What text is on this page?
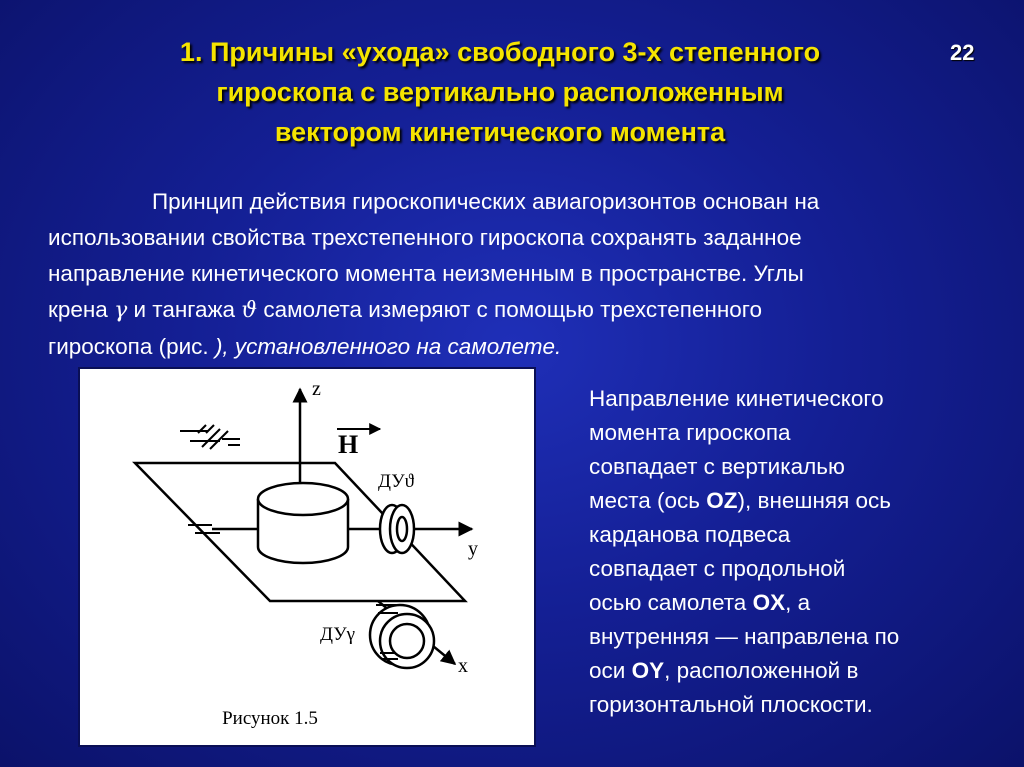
1. Причины «ухода» свободного 3-х степенного
гироскопа с вертикально расположенным
вектором кинетического момента
22
Принцип действия гироскопических авиагоризонтов основан на
использовании свойства трехстепенного гироскопа сохранять заданное
направление кинетического момента неизменным в пространстве. Углы
крена γ и тангажа ϑ самолета измеряют с помощью трехстепенного
гироскопа (рис. ), установленного на самолете.
z
H
y
ДУϑ
x
ДУγ
Рисунок 1.5
Направление кинетического
момента гироскопа
совпадает с вертикалью
места (ось OZ), внешняя ось
карданова подвеса
совпадает с продольной
осью самолета OX, а
внутренняя — направлена по
оси OY, расположенной в
горизонтальной плоскости.
